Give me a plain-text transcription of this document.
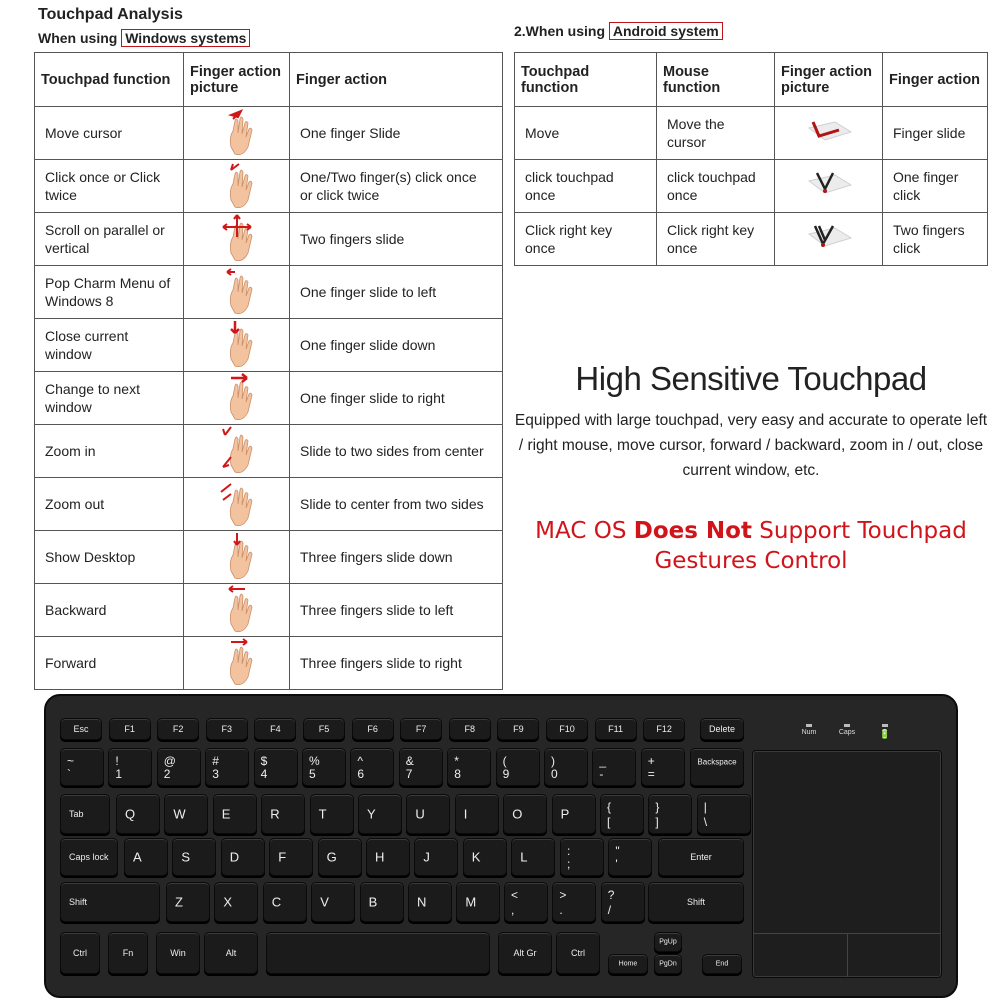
Touchpad Analysis
When using Windows systems	2.When using Android system
Touchpad function	Finger action picture	Finger action
Move cursor		One finger Slide
Click once or Click twice		One/Two finger(s) click once or click twice
Scroll on parallel or vertical		Two fingers slide
Pop Charm Menu of Windows 8		One finger slide to left
Close current window		One finger slide down
Change to next window		One finger slide to right
Zoom in		Slide to two sides from center
Zoom out		Slide to center from two sides
Show Desktop		Three fingers slide down
Backward		Three fingers slide to left
Forward		Three fingers slide to right
Touchpad function	Mouse function	Finger action picture	Finger action
Move	Move the cursor		Finger slide
click touchpad once	click touchpad once		One finger click
Click right key once	Click right key once		Two fingers click
High Sensitive Touchpad
Equipped with large touchpad, very easy and accurate to operate left / right mouse, move cursor, forward / backward, zoom in / out, close current window, etc.
MAC OS Does Not Support Touchpad Gestures Control
Esc	F1	F2	F3	F4	F5	F6	F7	F8	F9	F10	F11	F12	Delete
~
`
!
1
@
2
#
3
$
4
%
5
^
6
&
7
*
8
(
9
)
0
_
-
+
=
Backspace
Tab	Q	W	E	R	T	Y	U	I	O	P	{
[
}
]
|
\
Caps lock A	S	D	F	G	H	J	K	L	:
;
"
'	Enter
Shift	Z	X	C	V	B	N	M	<
,
>
.
?
/
Shift
Ctrl	Fn	Win	Alt	Alt Gr	Ctrl
PgUp
Home	PgDn	End
Num	Caps	🔋
